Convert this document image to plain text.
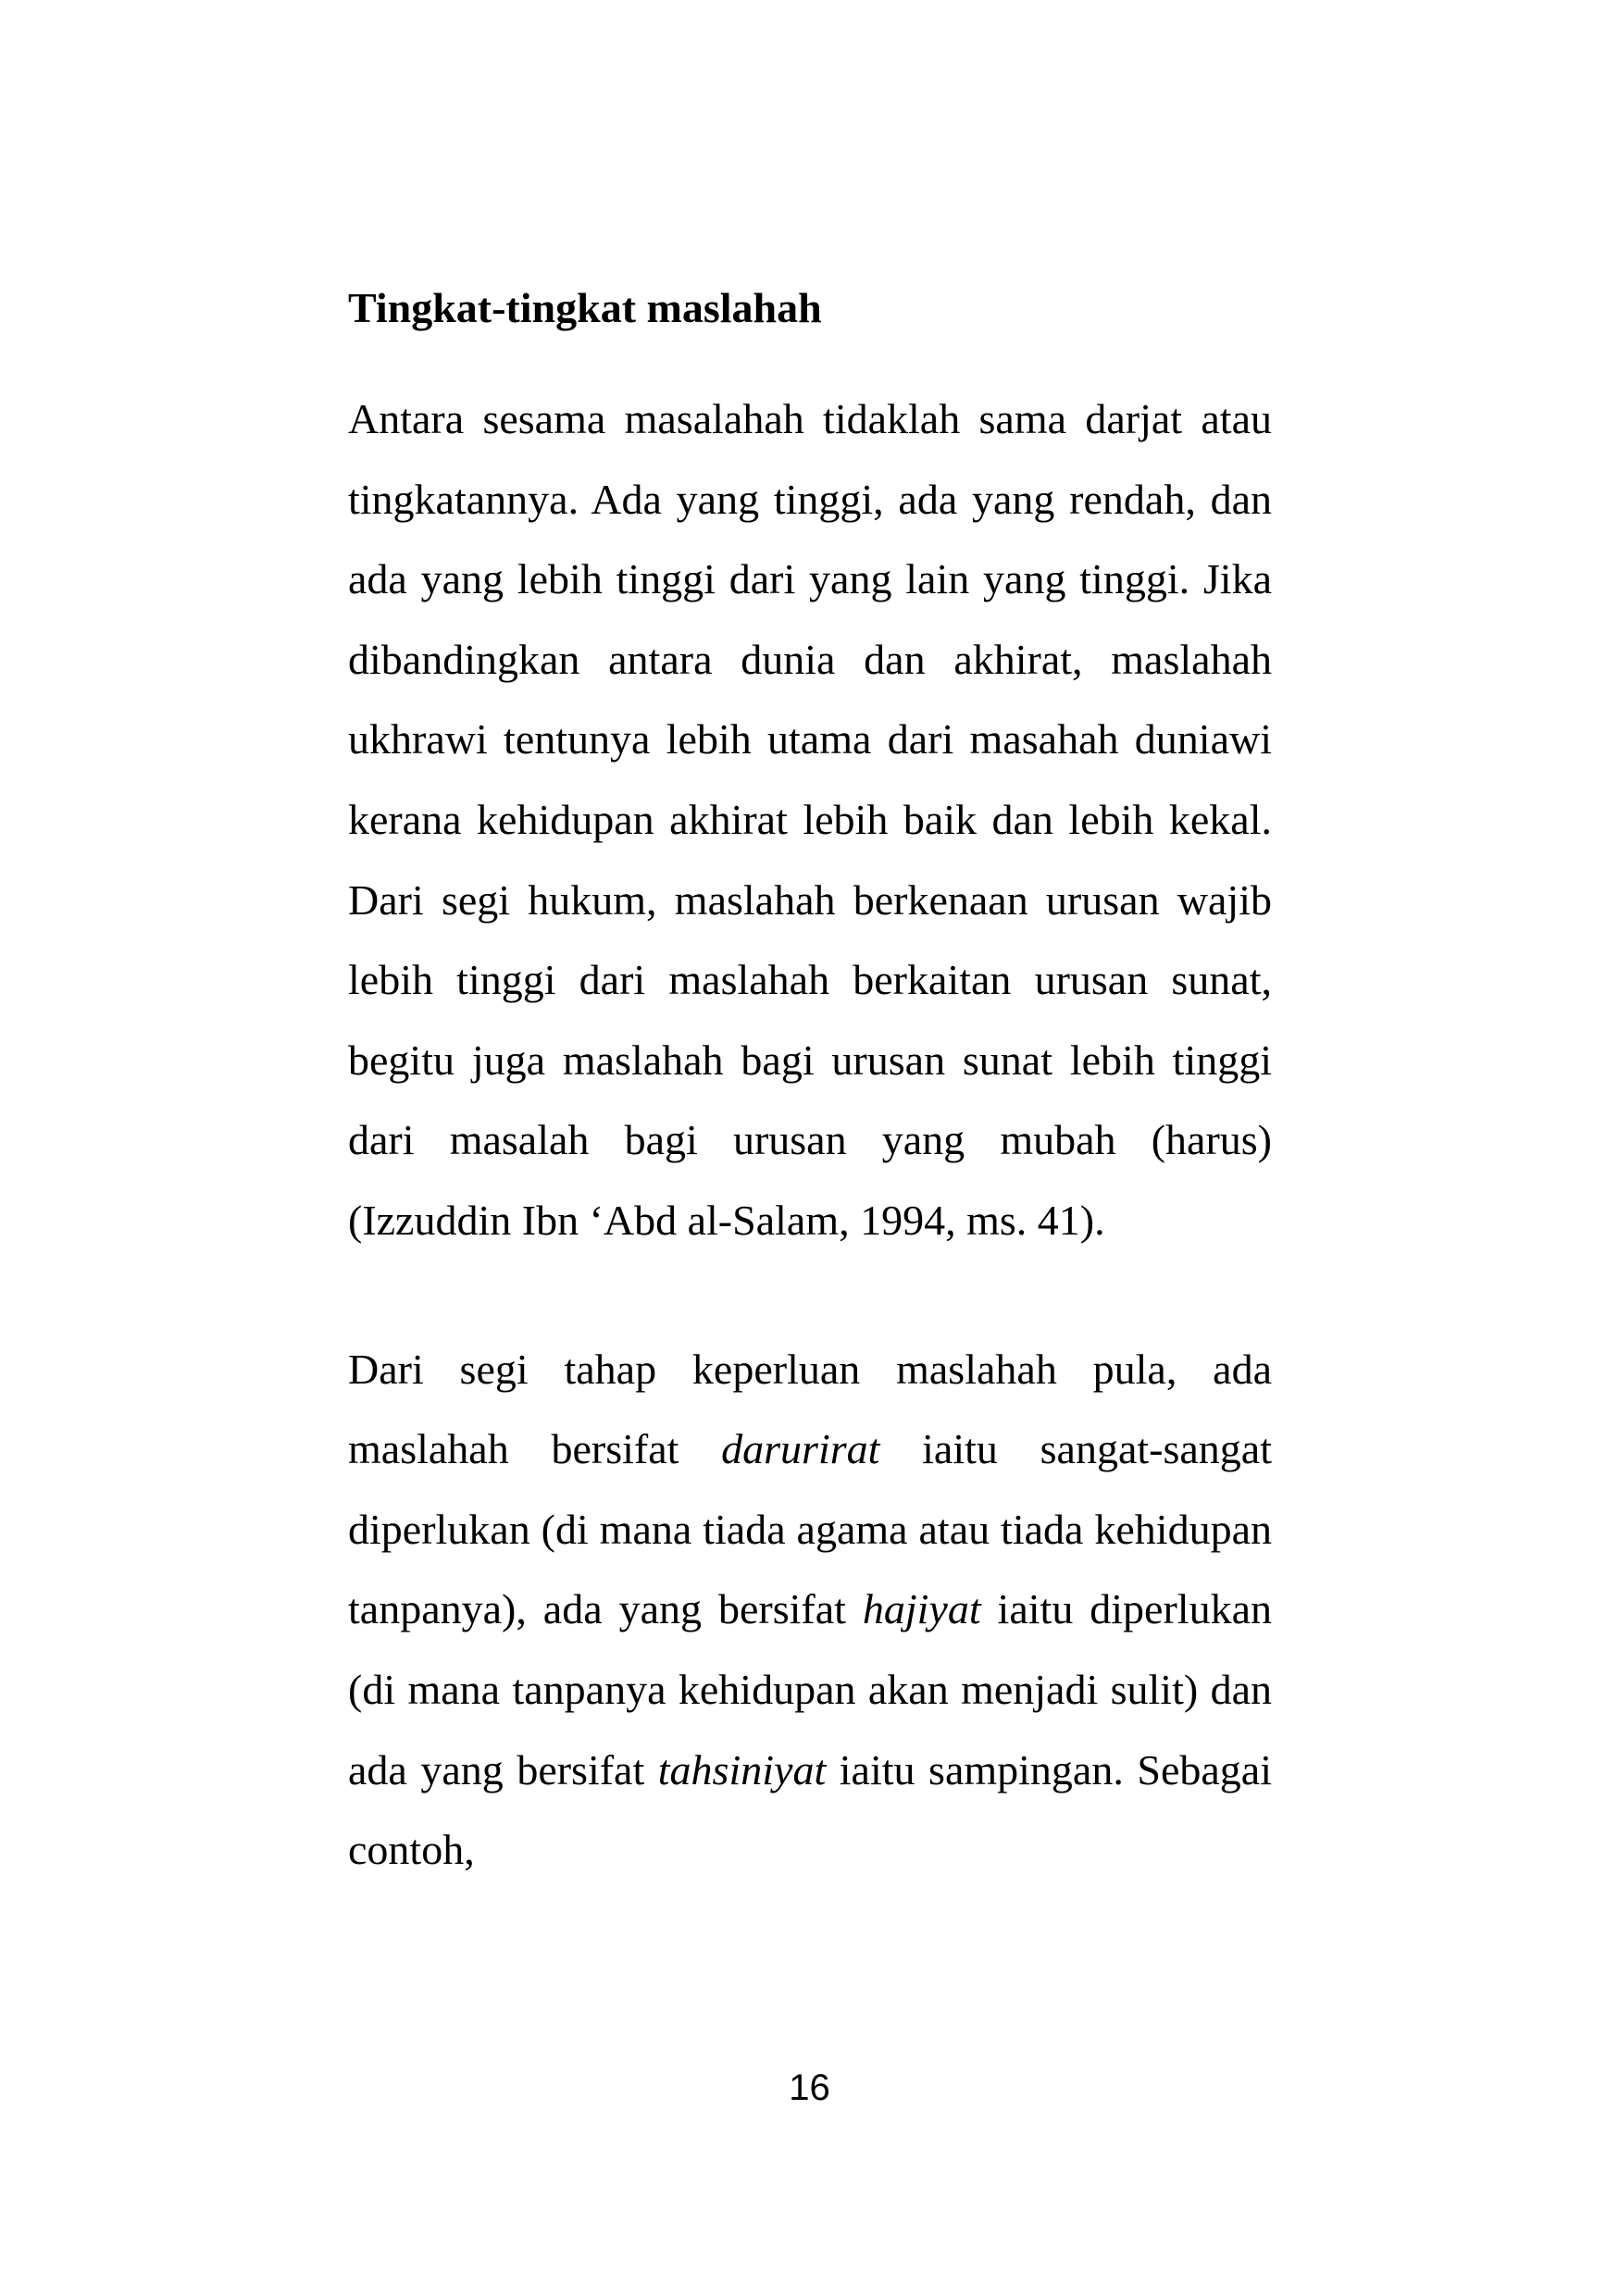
Tingkat-tingkat maslahah

Antara sesama masalahah tidaklah sama darjat atau tingkatannya. Ada yang tinggi, ada yang rendah, dan ada yang lebih tinggi dari yang lain yang tinggi. Jika dibandingkan antara dunia dan akhirat, maslahah ukhrawi tentunya lebih utama dari masahah duniawi kerana kehidupan akhirat lebih baik dan lebih kekal. Dari segi hukum, maslahah berkenaan urusan wajib lebih tinggi dari maslahah berkaitan urusan sunat, begitu juga maslahah bagi urusan sunat lebih tinggi dari masalah bagi urusan yang mubah (harus) (Izzuddin Ibn ‘Abd al-Salam, 1994, ms. 41).

Dari segi tahap keperluan maslahah pula, ada maslahah bersifat darurirat iaitu sangat-sangat diperlukan (di mana tiada agama atau tiada kehidupan tanpanya), ada yang bersifat hajiyat iaitu diperlukan (di mana tanpanya kehidupan akan menjadi sulit) dan ada yang bersifat tahsiniyat iaitu sampingan. Sebagai contoh,

16
